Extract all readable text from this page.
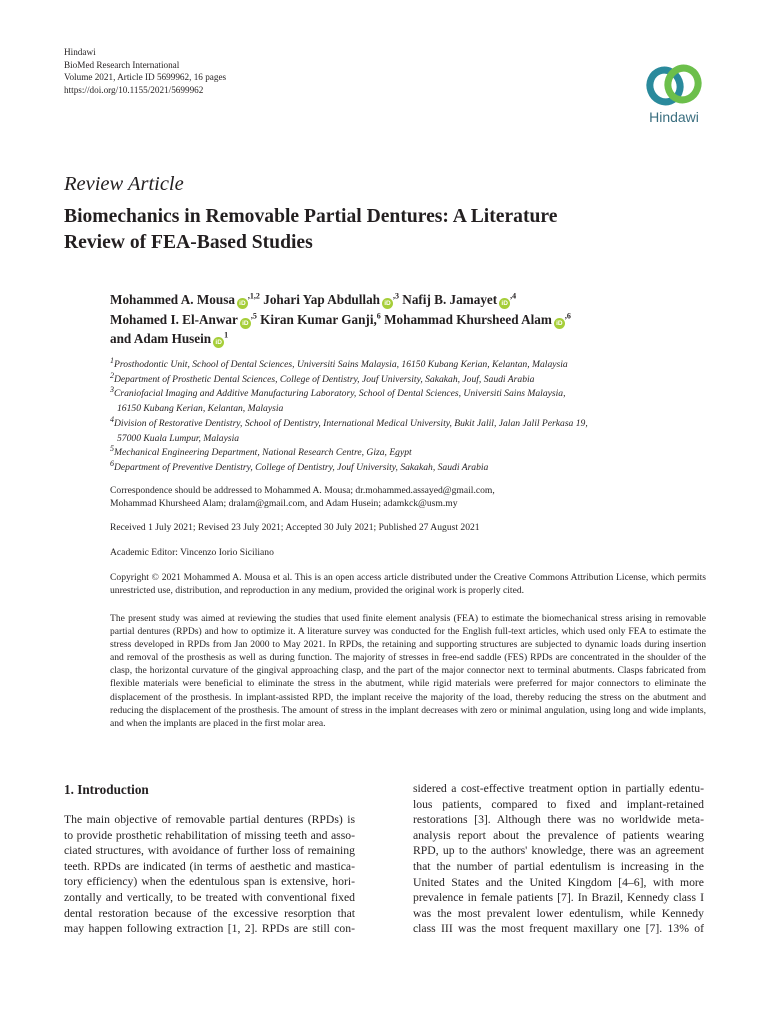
Hindawi
BioMed Research International
Volume 2021, Article ID 5699962, 16 pages
https://doi.org/10.1155/2021/5699962
Hindawi
Review Article
Biomechanics in Removable Partial Dentures: A Literature
Review of FEA-Based Studies
Mohammed A. Mousa $iD^{,1,2}$ Johari Yap Abdullah $iD^{,3}$ Nafij B. Jamayet $iD^{,4}$
Mohamed I. El-Anwar $iD^{,5}$ Kiran Kumar Ganji,$^6$ Mohammad Khursheed Alam $iD^{,6}$
and Adam Husein $iD^1$
$^1$Prosthodontic Unit, School of Dental Sciences, Universiti Sains Malaysia, 16150 Kubang Kerian, Kelantan, Malaysia
$^2$Department of Prosthetic Dental Sciences, College of Dentistry, Jouf University, Sakakah, Jouf, Saudi Arabia
$^3$Craniofacial Imaging and Additive Manufacturing Laboratory, School of Dental Sciences, Universiti Sains Malaysia,
16150 Kubang Kerian, Kelantan, Malaysia
$^4$Division of Restorative Dentistry, School of Dentistry, International Medical University, Bukit Jalil, Jalan Jalil Perkasa 19,
57000 Kuala Lumpur, Malaysia
$^5$Mechanical Engineering Department, National Research Centre, Giza, Egypt
$^6$Department of Preventive Dentistry, College of Dentistry, Jouf University, Sakakah, Saudi Arabia
Correspondence should be addressed to Mohammed A. Mousa; dr.mohammed.assayed@gmail.com,
Mohammad Khursheed Alam; dralam@gmail.com, and Adam Husein; adamkck@usm.my
Received 1 July 2021; Revised 23 July 2021; Accepted 30 July 2021; Published 27 August 2021
Academic Editor: Vincenzo Iorio Siciliano
Copyright © 2021 Mohammed A. Mousa et al. This is an open access article distributed under the Creative Commons Attribution License, which permits unrestricted use, distribution, and reproduction in any medium, provided the original work is properly cited.
The present study was aimed at reviewing the studies that used finite element analysis (FEA) to estimate the biomechanical stress arising in removable partial dentures (RPDs) and how to optimize it. A literature survey was conducted for the English full-text articles, which used only FEA to estimate the stress developed in RPDs from Jan 2000 to May 2021. In RPDs, the retaining and supporting structures are subjected to dynamic loads during insertion and removal of the prosthesis as well as during function. The majority of stresses in free-end saddle (FES) RPDs are concentrated in the shoulder of the clasp, the horizontal curvature of the gingival approaching clasp, and the part of the major connector next to terminal abutments. Clasps fabricated from flexible materials were beneficial to eliminate the stress in the abutment, while rigid materials were preferred for major connectors to eliminate the displacement of the prosthesis. In implant-assisted RPD, the implant receive the majority of the load, thereby reducing the stress on the abutment and reducing the displacement of the prosthesis. The amount of stress in the implant decreases with zero or minimal angulation, using long and wide implants, and when the implants are placed in the first molar area.
1. Introduction
The main objective of removable partial dentures (RPDs) is
to provide prosthetic rehabilitation of missing teeth and asso-
ciated structures, with avoidance of further loss of remaining
teeth. RPDs are indicated (in terms of aesthetic and mastica-
tory efficiency) when the edentulous span is extensive, hori-
zontally and vertically, to be treated with conventional fixed
dental restoration because of the excessive resorption that
may happen following extraction [1, 2]. RPDs are still con-
sidered a cost-effective treatment option in partially edentu-
lous patients, compared to fixed and implant-retained
restorations [3]. Although there was no worldwide meta-
analysis report about the prevalence of patients wearing
RPD, up to the authors' knowledge, there was an agreement
that the number of partial edentulism is increasing in the
United States and the United Kingdom [4–6], with more
prevalence in female patients [7]. In Brazil, Kennedy class I
was the most prevalent lower edentulism, while Kennedy
class III was the most frequent maxillary one [7]. 13% of
